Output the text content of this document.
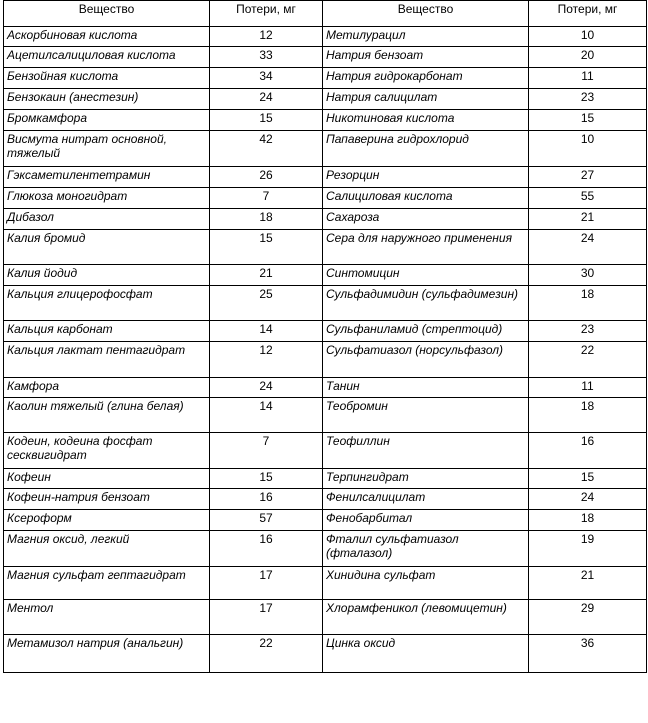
Вещество	Потери, мг	Вещество	Потери, мг
Аскорбиновая кислота	12	Метилурацил	10
Ацетилсалициловая кислота	33	Натрия бензоат	20
Бензойная кислота	34	Натрия гидрокарбонат	11
Бензокаин (анестезин)	24	Натрия салицилат	23
Бромкамфора	15	Никотиновая кислота	15
Висмута нитрат основной, тяжелый	42	Папаверина гидрохлорид	10
Гэксаметилентетрамин	26	Резорцин	27
Глюкоза моногидрат	7	Салициловая кислота	55
Дибазол	18	Сахароза	21
Калия бромид	15	Сера для наружного применения	24
Калия йодид	21	Синтомицин	30
Кальция глицерофосфат	25	Сульфадимидин (сульфадимезин)	18
Кальция карбонат	14	Сульфаниламид (стрептоцид)	23
Кальция лактат пентагидрат	12	Сульфатиазол (норсульфазол)	22
Камфора	24	Танин	11
Каолин тяжелый (глина белая)	14	Теобромин	18
Кодеин, кодеина фосфат сесквигидрат	7	Теофиллин	16
Кофеин	15	Терпингидрат	15
Кофеин-натрия бензоат	16	Фенилсалицилат	24
Ксероформ	57	Фенобарбитал	18
Магния оксид, легкий	16	Фталил сульфатиазол (фталазол)	19
Магния сульфат гептагидрат	17	Хинидина сульфат	21
Ментол	17	Хлорамфеникол (левомицетин)	29
Метамизол натрия (анальгин)	22	Цинка оксид	36
